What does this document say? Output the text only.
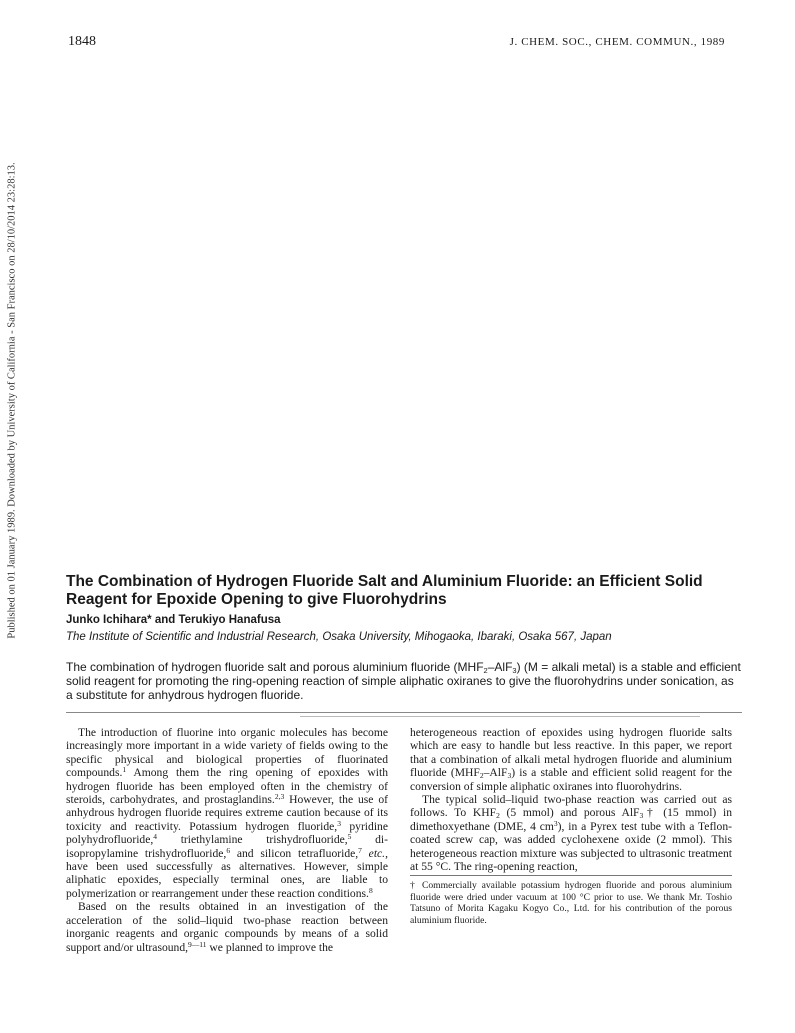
1848	J. CHEM. SOC., CHEM. COMMUN., 1989
Published on 01 January 1989. Downloaded by University of California - San Francisco on 28/10/2014 23:28:13.	The Combination of Hydrogen Fluoride Salt and Aluminium Fluoride: an Efficient Solid Reagent for Epoxide Opening to give Fluorohydrins
Junko Ichihara* and Terukiyo Hanafusa
The Institute of Scientific and Industrial Research, Osaka University, Mihogaoka, Ibaraki, Osaka 567, Japan

The combination of hydrogen fluoride salt and porous aluminium fluoride $(MHF_2-AlF_3) (M$ = alkali metal) is a stable and efficient solid reagent for promoting the ring-opening reaction of simple aliphatic oxiranes to give the fluorohydrins under sonication, as a substitute for anhydrous hydrogen fluoride.

The introduction of fluorine into organic molecules has become increasingly more important in a wide variety of fields owing to the specific physical and biological properties of fluorinated compounds.$^1$ Among them the ring opening of epoxides with hydrogen fluoride has been employed often in the chemistry of steroids, carbohydrates, and prostaglandins.$^{2,3}$ However, the use of anhydrous hydrogen fluoride requires extreme caution because of its toxicity and reactivity. Potassium hydrogen fluoride,$^3$ pyridine polyhydrofluoride,$^4$ triethylamine trishydrofluoride,$^5$ di-isopropylamine trishydrofluoride,$^6$ and silicon tetrafluoride,$^7$ etc., have been used successfully as alternatives. However, simple aliphatic epoxides, especially terminal ones, are liable to polymerization or rearrangement under these reaction conditions.$^8$

Based on the results obtained in an investigation of the acceleration of the solid–liquid two-phase reaction between inorganic reagents and organic compounds by means of a solid support and/or ultrasound,$^{9—11}$ we planned to improve the

heterogeneous reaction of epoxides using hydrogen fluoride salts which are easy to handle but less reactive. In this paper, we report that a combination of alkali metal hydrogen fluoride and aluminium fluoride $(MHF_2-AlF_3)$ is a stable and efficient solid reagent for the conversion of simple aliphatic oxiranes into fluorohydrins.

The typical solid–liquid two-phase reaction was carried out as follows. To $KHF_2$ (5 mmol) and porous AlF$_3$† (15 mmol) in dimethoxyethane (DME, 4 $cm^3$), in a Pyrex test tube with a Teflon-coated screw cap, was added cyclohexene oxide (2 mmol). This heterogeneous reaction mixture was subjected to ultrasonic treatment at 55 °C. The ring-opening reaction,

† Commercially available potassium hydrogen fluoride and porous aluminium fluoride were dried under vacuum at 100 °C prior to use. We thank Mr. Toshio Tatsuno of Morita Kagaku Kogyo Co., Ltd. for his contribution of the porous aluminium fluoride.
